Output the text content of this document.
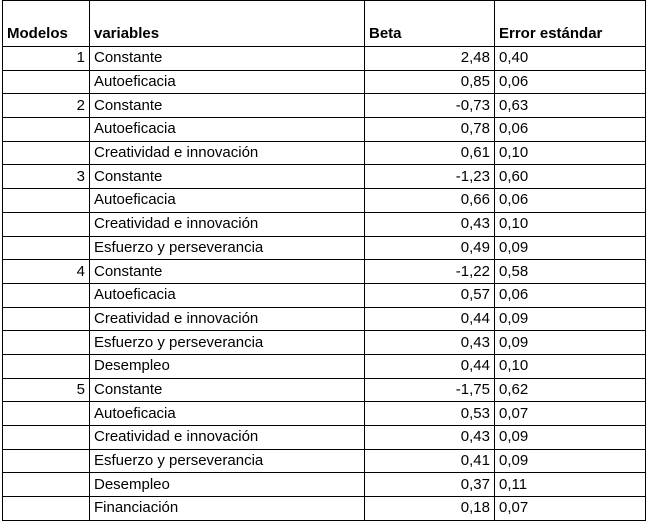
Modelos	variables	Beta	Error estándar
1	Constante	2,48	0,40
	Autoeficacia	0,85	0,06
2	Constante	-0,73	0,63
	Autoeficacia	0,78	0,06
	Creatividad e innovación	0,61	0,10
3	Constante	-1,23	0,60
	Autoeficacia	0,66	0,06
	Creatividad e innovación	0,43	0,10
	Esfuerzo y perseverancia	0,49	0,09
4	Constante	-1,22	0,58
	Autoeficacia	0,57	0,06
	Creatividad e innovación	0,44	0,09
	Esfuerzo y perseverancia	0,43	0,09
	Desempleo	0,44	0,10
5	Constante	-1,75	0,62
	Autoeficacia	0,53	0,07
	Creatividad e innovación	0,43	0,09
	Esfuerzo y perseverancia	0,41	0,09
	Desempleo	0,37	0,11
	Financiación	0,18	0,07
